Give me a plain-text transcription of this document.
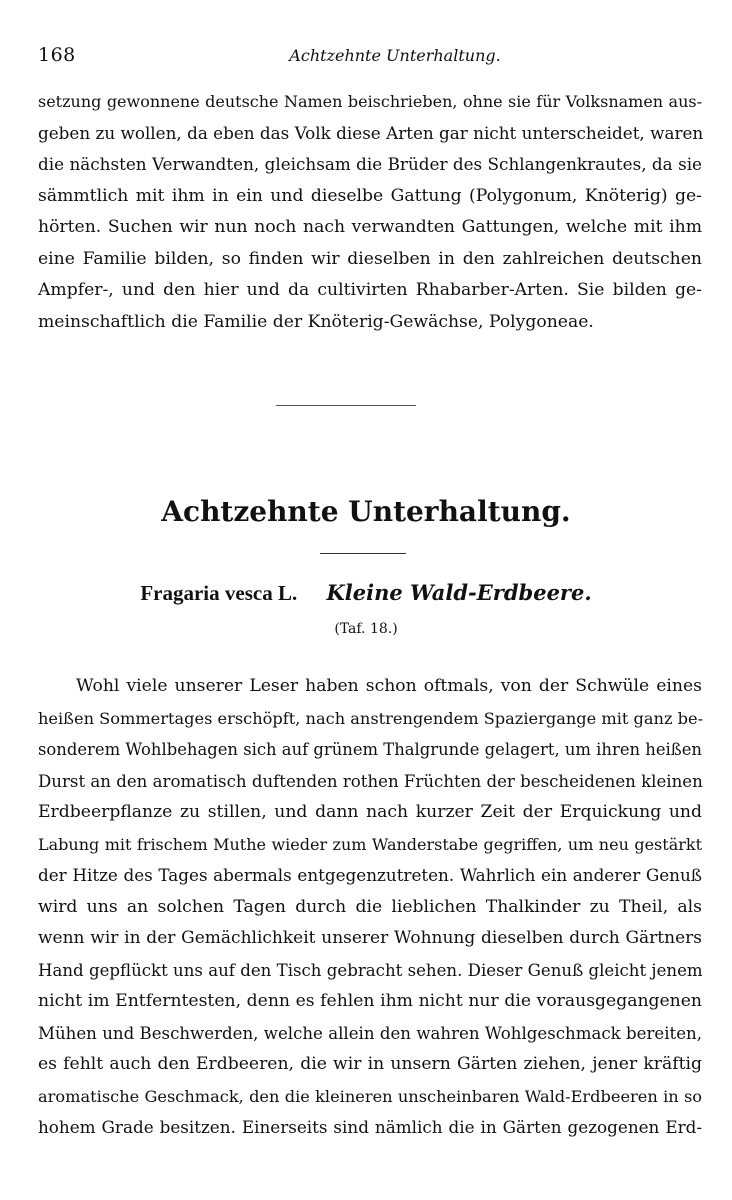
168	Achtzehnte Unterhaltung.
setzung gewonnene deutsche Namen beischrieben, ohne sie für Volksnamen aus-
geben zu wollen, da eben das Volk diese Arten gar nicht unterscheidet, waren
die nächsten Verwandten, gleichsam die Brüder des Schlangenkrautes, da sie
sämmtlich mit ihm in ein und dieselbe Gattung (Polygonum, Knöterig) ge-
hörten. Suchen wir nun noch nach verwandten Gattungen, welche mit ihm
eine Familie bilden, so finden wir dieselben in den zahlreichen deutschen
Ampfer-, und den hier und da cultivirten Rhabarber-Arten. Sie bilden ge-
meinschaftlich die Familie der Knöterig-Gewächse, Polygoneae.
Achtzehnte Unterhaltung.
Fragaria vesca L. Kleine Wald-Erdbeere.
(Taf. 18.)
Wohl viele unserer Leser haben schon oftmals, von der Schwüle eines
heißen Sommertages erschöpft, nach anstrengendem Spaziergange mit ganz be-
sonderem Wohlbehagen sich auf grünem Thalgrunde gelagert, um ihren heißen
Durst an den aromatisch duftenden rothen Früchten der bescheidenen kleinen
Erdbeerpflanze zu stillen, und dann nach kurzer Zeit der Erquickung und
Labung mit frischem Muthe wieder zum Wanderstabe gegriffen, um neu gestärkt
der Hitze des Tages abermals entgegenzutreten. Wahrlich ein anderer Genuß
wird uns an solchen Tagen durch die lieblichen Thalkinder zu Theil, als
wenn wir in der Gemächlichkeit unserer Wohnung dieselben durch Gärtners
Hand gepflückt uns auf den Tisch gebracht sehen. Dieser Genuß gleicht jenem
nicht im Entferntesten, denn es fehlen ihm nicht nur die vorausgegangenen
Mühen und Beschwerden, welche allein den wahren Wohlgeschmack bereiten,
es fehlt auch den Erdbeeren, die wir in unsern Gärten ziehen, jener kräftig
aromatische Geschmack, den die kleineren unscheinbaren Wald-Erdbeeren in so
hohem Grade besitzen. Einerseits sind nämlich die in Gärten gezogenen Erd-
